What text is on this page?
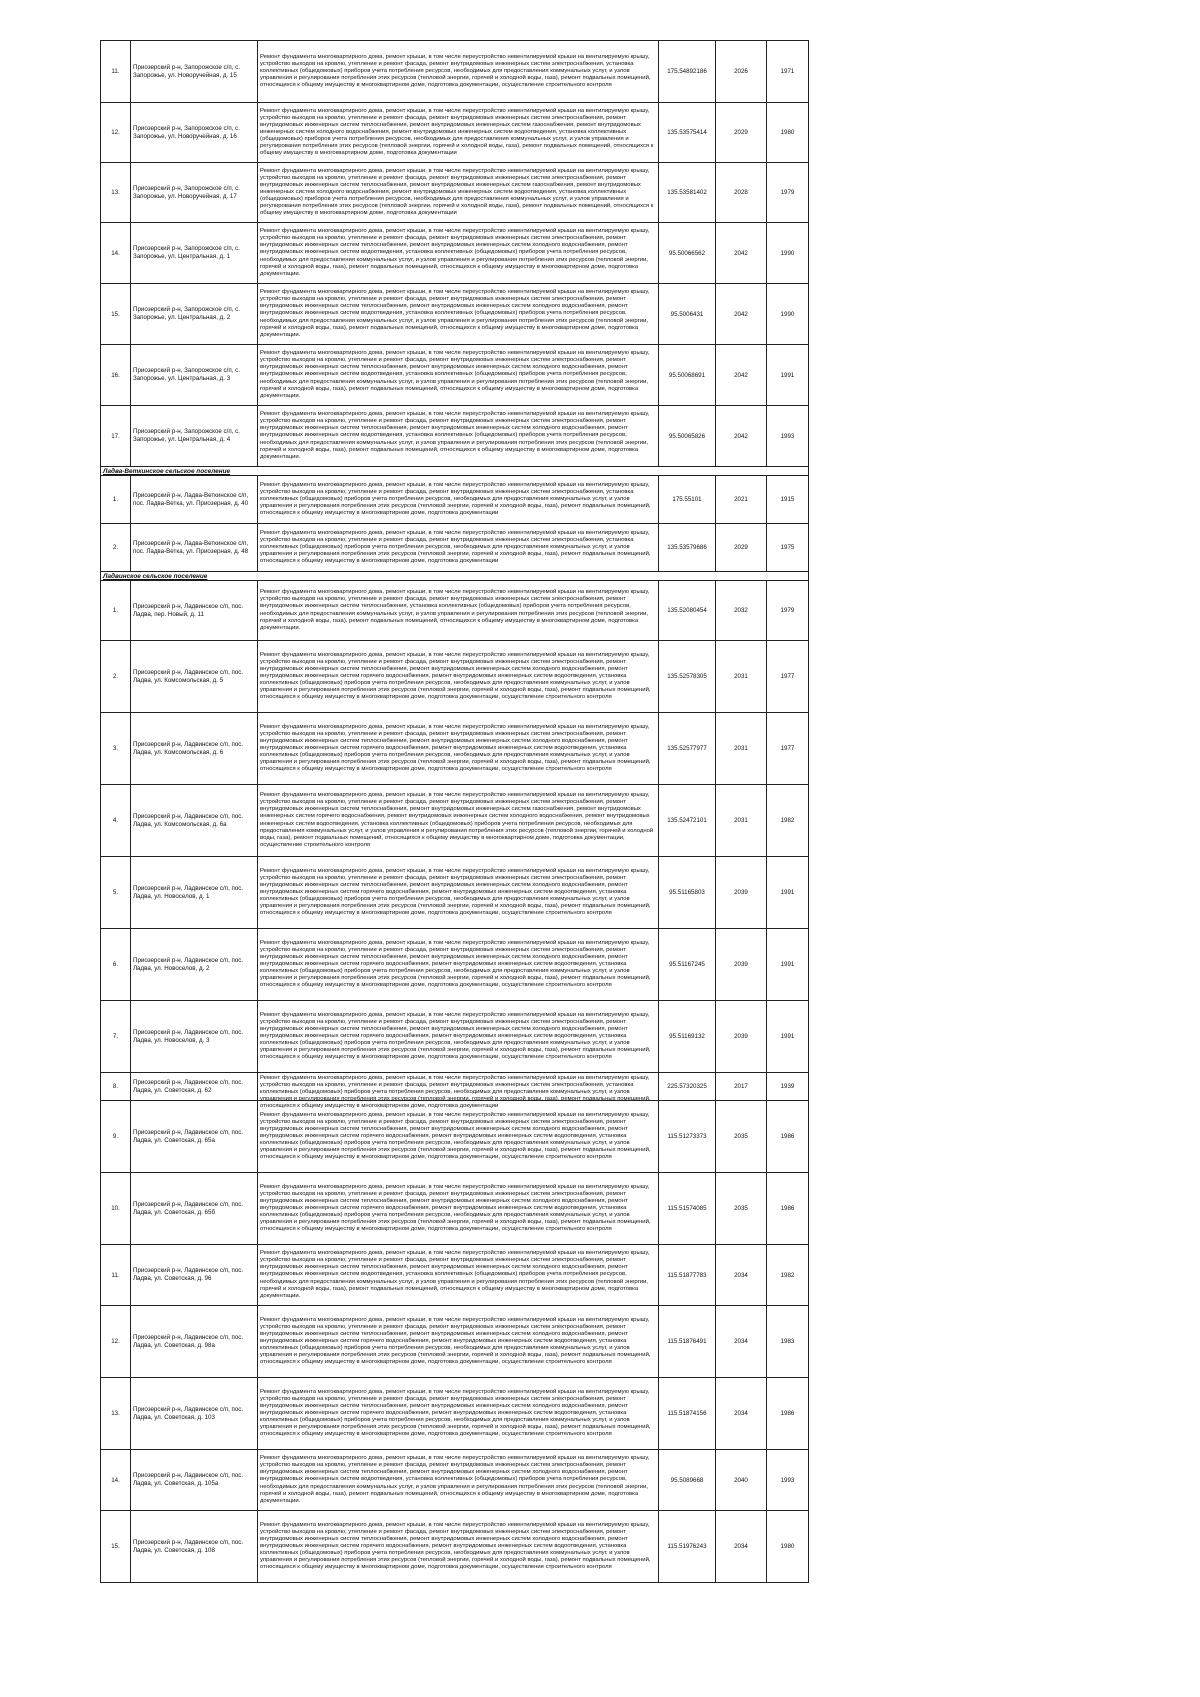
11.	Приозерский р-н, Запорожское с/п, с. Запорожье, ул. Новоручейная, д. 15	Ремонт фундамента многоквартирного дома, ремонт крыши, в том числе переустройство невентилируемой крыши на вентилируемую крышу, устройство выходов на кровлю, утепление и ремонт фасада, ремонт внутридомовых инженерных систем электроснабжения, установка коллективных (общедомовых) приборов учета потребления ресурсов, необходимых для предоставления коммунальных услуг, и узлов управления и регулирования потребления этих ресурсов (тепловой энергии, горячей и холодной воды, газа), ремонт подвальных помещений, относящихся к общему имуществу в многоквартирном доме, подготовка документации, осуществление строительного контроля	175.54892186	2026	1971
12.	Приозерский р-н, Запорожское с/п, с. Запорожье, ул. Новоручейная, д. 16	Ремонт фундамента многоквартирного дома, ремонт крыши, в том числе переустройство невентилируемой крыши на вентилируемую крышу, устройство выходов на кровлю, утепление и ремонт фасада, ремонт внутридомовых инженерных систем электроснабжения, ремонт внутридомовых инженерных систем теплоснабжения, ремонт внутридомовых инженерных систем газоснабжения, ремонт внутридомовых инженерных систем холодного водоснабжения, ремонт внутридомовых инженерных систем водоотведения, установка коллективных (общедомовых) приборов учета потребления ресурсов, необходимых для предоставления коммунальных услуг, и узлов управления и регулирования потребления этих ресурсов (тепловой энергии, горячей и холодной воды, газа), ремонт подвальных помещений, относящихся к общему имуществу в многоквартирном доме, подготовка документации	135.53575414	2029	1980
13.	Приозерский р-н, Запорожское с/п, с. Запорожье, ул. Новоручейная, д. 17	Ремонт фундамента многоквартирного дома, ремонт крыши, в том числе переустройство невентилируемой крыши на вентилируемую крышу, устройство выходов на кровлю, утепление и ремонт фасада, ремонт внутридомовых инженерных систем электроснабжения, ремонт внутридомовых инженерных систем теплоснабжения, ремонт внутридомовых инженерных систем газоснабжения, ремонт внутридомовых инженерных систем холодного водоснабжения, ремонт внутридомовых инженерных систем водоотведения, установка коллективных (общедомовых) приборов учета потребления ресурсов, необходимых для предоставления коммунальных услуг, и узлов управления и регулирования потребления этих ресурсов (тепловой энергии, горячей и холодной воды, газа), ремонт подвальных помещений, относящихся к общему имуществу в многоквартирном доме, подготовка документации	135.53581402	2028	1979
14.	Приозерский р-н, Запорожское с/п, с. Запорожье, ул. Центральная, д. 1	Ремонт фундамента многоквартирного дома, ремонт крыши, в том числе переустройство невентилируемой крыши на вентилируемую крышу, устройство выходов на кровлю, утепление и ремонт фасада, ремонт внутридомовых инженерных систем электроснабжения, ремонт внутридомовых инженерных систем теплоснабжения, ремонт внутридомовых инженерных систем холодного водоснабжения, ремонт внутридомовых инженерных систем водоотведения, установка коллективных (общедомовых) приборов учета потребления ресурсов, необходимых для предоставления коммунальных услуг, и узлов управления и регулирования потребления этих ресурсов (тепловой энергии, горячей и холодной воды, газа), ремонт подвальных помещений, относящихся к общему имуществу в многоквартирном доме, подготовка документации.	95.50066562	2042	1990
15.	Приозерский р-н, Запорожское с/п, с. Запорожье, ул. Центральная, д. 2	Ремонт фундамента многоквартирного дома, ремонт крыши, в том числе переустройство невентилируемой крыши на вентилируемую крышу, устройство выходов на кровлю, утепление и ремонт фасада, ремонт внутридомовых инженерных систем электроснабжения, ремонт внутридомовых инженерных систем теплоснабжения, ремонт внутридомовых инженерных систем холодного водоснабжения, ремонт внутридомовых инженерных систем водоотведения, установка коллективных (общедомовых) приборов учета потребления ресурсов, необходимых для предоставления коммунальных услуг, и узлов управления и регулирования потребления этих ресурсов (тепловой энергии, горячей и холодной воды, газа), ремонт подвальных помещений, относящихся к общему имуществу в многоквартирном доме, подготовка документации.	95.5006431	2042	1990
16.	Приозерский р-н, Запорожское с/п, с. Запорожье, ул. Центральная, д. 3	Ремонт фундамента многоквартирного дома, ремонт крыши, в том числе переустройство невентилируемой крыши на вентилируемую крышу, устройство выходов на кровлю, утепление и ремонт фасада, ремонт внутридомовых инженерных систем электроснабжения, ремонт внутридомовых инженерных систем теплоснабжения, ремонт внутридомовых инженерных систем холодного водоснабжения, ремонт внутридомовых инженерных систем водоотведения, установка коллективных (общедомовых) приборов учета потребления ресурсов, необходимых для предоставления коммунальных услуг, и узлов управления и регулирования потребления этих ресурсов (тепловой энергии, горячей и холодной воды, газа), ремонт подвальных помещений, относящихся к общему имуществу в многоквартирном доме, подготовка документации.	95.50068691	2042	1991
17.	Приозерский р-н, Запорожское с/п, с. Запорожье, ул. Центральная, д. 4	Ремонт фундамента многоквартирного дома, ремонт крыши, в том числе переустройство невентилируемой крыши на вентилируемую крышу, устройство выходов на кровлю, утепление и ремонт фасада, ремонт внутридомовых инженерных систем электроснабжения, ремонт внутридомовых инженерных систем теплоснабжения, ремонт внутридомовых инженерных систем холодного водоснабжения, ремонт внутридомовых инженерных систем водоотведения, установка коллективных (общедомовых) приборов учета потребления ресурсов, необходимых для предоставления коммунальных услуг, и узлов управления и регулирования потребления этих ресурсов (тепловой энергии, горячей и холодной воды, газа), ремонт подвальных помещений, относящихся к общему имуществу в многоквартирном доме, подготовка документации.	95.50065826	2042	1993
Ладва-Веткинское сельское поселение					
1.	Приозерский р-н, Ладва-Веткинское с/п, пос. Ладва-Ветка, ул. Приозерная, д. 40	Ремонт фундамента многоквартирного дома, ремонт крыши, в том числе переустройство невентилируемой крыши на вентилируемую крышу, устройство выходов на кровлю, утепление и ремонт фасада, ремонт внутридомовых инженерных систем электроснабжения, установка коллективных (общедомовых) приборов учета потребления ресурсов, необходимых для предоставления коммунальных услуг, и узлов управления и регулирования потребления этих ресурсов (тепловой энергии, горячей и холодной воды, газа), ремонт подвальных помещений, относящихся к общему имуществу в многоквартирном доме, подготовка документации	175.55101	2021	1915
2.	Приозерский р-н, Ладва-Веткинское с/п, пос. Ладва-Ветка, ул. Приозерная, д. 48	Ремонт фундамента многоквартирного дома, ремонт крыши, в том числе переустройство невентилируемой крыши на вентилируемую крышу, устройство выходов на кровлю, утепление и ремонт фасада, ремонт внутридомовых инженерных систем электроснабжения, установка коллективных (общедомовых) приборов учета потребления ресурсов, необходимых для предоставления коммунальных услуг, и узлов управления и регулирования потребления этих ресурсов (тепловой энергии, горячей и холодной воды, газа), ремонт подвальных помещений, относящихся к общему имуществу в многоквартирном доме, подготовка документации	135.53579686	2029	1975
Ладвинское сельское поселение					
1.	Приозерский р-н, Ладвинское с/п, пос. Ладва, пер. Новый, д. 11	Ремонт фундамента многоквартирного дома, ремонт крыши, в том числе переустройство невентилируемой крыши на вентилируемую крышу, устройство выходов на кровлю, утепление и ремонт фасада, ремонт внутридомовых инженерных систем электроснабжения, ремонт внутридомовых инженерных систем теплоснабжения, установка коллективных (общедомовых) приборов учета потребления ресурсов, необходимых для предоставления коммунальных услуг, и узлов управления и регулирования потребления этих ресурсов (тепловой энергии, горячей и холодной воды, газа), ремонт подвальных помещений, относящихся к общему имуществу в многоквартирном доме, подготовка документации.	135.52080454	2032	1979
2.	Приозерский р-н, Ладвинское с/п, пос. Ладва, ул. Комсомольская, д. 5	Ремонт фундамента многоквартирного дома, ремонт крыши, в том числе переустройство невентилируемой крыши на вентилируемую крышу, устройство выходов на кровлю, утепление и ремонт фасада, ремонт внутридомовых инженерных систем электроснабжения, ремонт внутридомовых инженерных систем теплоснабжения, ремонт внутридомовых инженерных систем холодного водоснабжения, ремонт внутридомовых инженерных систем горячего водоснабжения, ремонт внутридомовых инженерных систем водоотведения, установка коллективных (общедомовых) приборов учета потребления ресурсов, необходимых для предоставления коммунальных услуг, и узлов управления и регулирования потребления этих ресурсов (тепловой энергии, горячей и холодной воды, газа), ремонт подвальных помещений, относящихся к общему имуществу в многоквартирном доме, подготовка документации, осуществление строительного контроля	135.52578305	2031	1977
3.	Приозерский р-н, Ладвинское с/п, пос. Ладва, ул. Комсомольская, д. 6	Ремонт фундамента многоквартирного дома, ремонт крыши, в том числе переустройство невентилируемой крыши на вентилируемую крышу, устройство выходов на кровлю, утепление и ремонт фасада, ремонт внутридомовых инженерных систем электроснабжения, ремонт внутридомовых инженерных систем теплоснабжения, ремонт внутридомовых инженерных систем холодного водоснабжения, ремонт внутридомовых инженерных систем горячего водоснабжения, ремонт внутридомовых инженерных систем водоотведения, установка коллективных (общедомовых) приборов учета потребления ресурсов, необходимых для предоставления коммунальных услуг, и узлов управления и регулирования потребления этих ресурсов (тепловой энергии, горячей и холодной воды, газа), ремонт подвальных помещений, относящихся к общему имуществу в многоквартирном доме, подготовка документации, осуществление строительного контроля	135.52577977	2031	1977
4.	Приозерский р-н, Ладвинское с/п, пос. Ладва, ул. Комсомольская, д. 6а	Ремонт фундамента многоквартирного дома, ремонт крыши, в том числе переустройство невентилируемой крыши на вентилируемую крышу, устройство выходов на кровлю, утепление и ремонт фасада, ремонт внутридомовых инженерных систем электроснабжения, ремонт внутридомовых инженерных систем теплоснабжения, ремонт внутридомовых инженерных систем газоснабжения, ремонт внутридомовых инженерных систем горячего водоснабжения, ремонт внутридомовых инженерных систем холодного водоснабжения, ремонт внутридомовых инженерных систем водоотведения, установка коллективных (общедомовых) приборов учета потребления ресурсов, необходимых для предоставления коммунальных услуг, и узлов управления и регулирования потребления этих ресурсов (тепловой энергии, горячей и холодной воды, газа), ремонт подвальных помещений, относящихся к общему имуществу в многоквартирном доме, подготовка документации, осуществление строительного контроля	135.52472101	2031	1982
5.	Приозерский р-н, Ладвинское с/п, пос. Ладва, ул. Новоселов, д. 1	Ремонт фундамента многоквартирного дома, ремонт крыши, в том числе переустройство невентилируемой крыши на вентилируемую крышу, устройство выходов на кровлю, утепление и ремонт фасада, ремонт внутридомовых инженерных систем электроснабжения, ремонт внутридомовых инженерных систем теплоснабжения, ремонт внутридомовых инженерных систем холодного водоснабжения, ремонт внутридомовых инженерных систем горячего водоснабжения, ремонт внутридомовых инженерных систем водоотведения, установка коллективных (общедомовых) приборов учета потребления ресурсов, необходимых для предоставления коммунальных услуг, и узлов управления и регулирования потребления этих ресурсов (тепловой энергии, горячей и холодной воды, газа), ремонт подвальных помещений, относящихся к общему имуществу в многоквартирном доме, подготовка документации, осуществление строительного контроля	95.51165803	2039	1991
6.	Приозерский р-н, Ладвинское с/п, пос. Ладва, ул. Новоселов, д. 2	Ремонт фундамента многоквартирного дома, ремонт крыши, в том числе переустройство невентилируемой крыши на вентилируемую крышу, устройство выходов на кровлю, утепление и ремонт фасада, ремонт внутридомовых инженерных систем электроснабжения, ремонт внутридомовых инженерных систем теплоснабжения, ремонт внутридомовых инженерных систем холодного водоснабжения, ремонт внутридомовых инженерных систем горячего водоснабжения, ремонт внутридомовых инженерных систем водоотведения, установка коллективных (общедомовых) приборов учета потребления ресурсов, необходимых для предоставления коммунальных услуг, и узлов управления и регулирования потребления этих ресурсов (тепловой энергии, горячей и холодной воды, газа), ремонт подвальных помещений, относящихся к общему имуществу в многоквартирном доме, подготовка документации, осуществление строительного контроля	95.51167245	2039	1991
7.	Приозерский р-н, Ладвинское с/п, пос. Ладва, ул. Новоселов, д. 3	Ремонт фундамента многоквартирного дома, ремонт крыши, в том числе переустройство невентилируемой крыши на вентилируемую крышу, устройство выходов на кровлю, утепление и ремонт фасада, ремонт внутридомовых инженерных систем электроснабжения, ремонт внутридомовых инженерных систем теплоснабжения, ремонт внутридомовых инженерных систем холодного водоснабжения, ремонт внутридомовых инженерных систем горячего водоснабжения, ремонт внутридомовых инженерных систем водоотведения, установка коллективных (общедомовых) приборов учета потребления ресурсов, необходимых для предоставления коммунальных услуг, и узлов управления и регулирования потребления этих ресурсов (тепловой энергии, горячей и холодной воды, газа), ремонт подвальных помещений, относящихся к общему имуществу в многоквартирном доме, подготовка документации, осуществление строительного контроля	95.51169132	2039	1991
8.	Приозерский р-н, Ладвинское с/п, пос. Ладва, ул. Советская, д. 62	Ремонт фундамента многоквартирного дома, ремонт крыши, в том числе переустройство невентилируемой крыши на вентилируемую крышу, устройство выходов на кровлю, утепление и ремонт фасада, ремонт внутридомовых инженерных систем электроснабжения, установка коллективных (общедомовых) приборов учета потребления ресурсов, необходимых для предоставления коммунальных услуг, и узлов управления и регулирования потребления этих ресурсов (тепловой энергии, горячей и холодной воды, газа), ремонт подвальных помещений, относящихся к общему имуществу в многоквартирном доме, подготовка документации	225.57320325	2017	1939
9.	Приозерский р-н, Ладвинское с/п, пос. Ладва, ул. Советская, д. 65а	Ремонт фундамента многоквартирного дома, ремонт крыши, в том числе переустройство невентилируемой крыши на вентилируемую крышу, устройство выходов на кровлю, утепление и ремонт фасада, ремонт внутридомовых инженерных систем электроснабжения, ремонт внутридомовых инженерных систем теплоснабжения, ремонт внутридомовых инженерных систем холодного водоснабжения, ремонт внутридомовых инженерных систем горячего водоснабжения, ремонт внутридомовых инженерных систем водоотведения, установка коллективных (общедомовых) приборов учета потребления ресурсов, необходимых для предоставления коммунальных услуг, и узлов управления и регулирования потребления этих ресурсов (тепловой энергии, горячей и холодной воды, газа), ремонт подвальных помещений, относящихся к общему имуществу в многоквартирном доме, подготовка документации, осуществление строительного контроля	115.51273373	2035	1986
10.	Приозерский р-н, Ладвинское с/п, пос. Ладва, ул. Советская, д. 65б	Ремонт фундамента многоквартирного дома, ремонт крыши, в том числе переустройство невентилируемой крыши на вентилируемую крышу, устройство выходов на кровлю, утепление и ремонт фасада, ремонт внутридомовых инженерных систем электроснабжения, ремонт внутридомовых инженерных систем теплоснабжения, ремонт внутридомовых инженерных систем холодного водоснабжения, ремонт внутридомовых инженерных систем горячего водоснабжения, ремонт внутридомовых инженерных систем водоотведения, установка коллективных (общедомовых) приборов учета потребления ресурсов, необходимых для предоставления коммунальных услуг, и узлов управления и регулирования потребления этих ресурсов (тепловой энергии, горячей и холодной воды, газа), ремонт подвальных помещений, относящихся к общему имуществу в многоквартирном доме, подготовка документации, осуществление строительного контроля	115.51574085	2035	1986
11.	Приозерский р-н, Ладвинское с/п, пос. Ладва, ул. Советская, д. 96	Ремонт фундамента многоквартирного дома, ремонт крыши, в том числе переустройство невентилируемой крыши на вентилируемую крышу, устройство выходов на кровлю, утепление и ремонт фасада, ремонт внутридомовых инженерных систем электроснабжения, ремонт внутридомовых инженерных систем теплоснабжения, ремонт внутридомовых инженерных систем холодного водоснабжения, ремонт внутридомовых инженерных систем водоотведения, установка коллективных (общедомовых) приборов учета потребления ресурсов, необходимых для предоставления коммунальных услуг, и узлов управления и регулирования потребления этих ресурсов (тепловой энергии, горячей и холодной воды, газа), ремонт подвальных помещений, относящихся к общему имуществу в многоквартирном доме, подготовка документации.	115.51877783	2034	1982
12.	Приозерский р-н, Ладвинское с/п, пос. Ладва, ул. Советская, д. 98а	Ремонт фундамента многоквартирного дома, ремонт крыши, в том числе переустройство невентилируемой крыши на вентилируемую крышу, устройство выходов на кровлю, утепление и ремонт фасада, ремонт внутридомовых инженерных систем электроснабжения, ремонт внутридомовых инженерных систем теплоснабжения, ремонт внутридомовых инженерных систем холодного водоснабжения, ремонт внутридомовых инженерных систем горячего водоснабжения, ремонт внутридомовых инженерных систем водоотведения, установка коллективных (общедомовых) приборов учета потребления ресурсов, необходимых для предоставления коммунальных услуг, и узлов управления и регулирования потребления этих ресурсов (тепловой энергии, горячей и холодной воды, газа), ремонт подвальных помещений, относящихся к общему имуществу в многоквартирном доме, подготовка документации, осуществление строительного контроля	115.51876491	2034	1983
13.	Приозерский р-н, Ладвинское с/п, пос. Ладва, ул. Советская, д. 103	Ремонт фундамента многоквартирного дома, ремонт крыши, в том числе переустройство невентилируемой крыши на вентилируемую крышу, устройство выходов на кровлю, утепление и ремонт фасада, ремонт внутридомовых инженерных систем электроснабжения, ремонт внутридомовых инженерных систем теплоснабжения, ремонт внутридомовых инженерных систем холодного водоснабжения, ремонт внутридомовых инженерных систем горячего водоснабжения, ремонт внутридомовых инженерных систем водоотведения, установка коллективных (общедомовых) приборов учета потребления ресурсов, необходимых для предоставления коммунальных услуг, и узлов управления и регулирования потребления этих ресурсов (тепловой энергии, горячей и холодной воды, газа), ремонт подвальных помещений, относящихся к общему имуществу в многоквартирном доме, подготовка документации, осуществление строительного контроля	115.51874156	2034	1986
14.	Приозерский р-н, Ладвинское с/п, пос. Ладва, ул. Советская, д. 105а	Ремонт фундамента многоквартирного дома, ремонт крыши, в том числе переустройство невентилируемой крыши на вентилируемую крышу, устройство выходов на кровлю, утепление и ремонт фасада, ремонт внутридомовых инженерных систем электроснабжения, ремонт внутридомовых инженерных систем теплоснабжения, ремонт внутридомовых инженерных систем холодного водоснабжения, ремонт внутридомовых инженерных систем водоотведения, установка коллективных (общедомовых) приборов учета потребления ресурсов, необходимых для предоставления коммунальных услуг, и узлов управления и регулирования потребления этих ресурсов (тепловой энергии, горячей и холодной воды, газа), ремонт подвальных помещений, относящихся к общему имуществу в многоквартирном доме, подготовка документации.	95.5089668	2040	1993
15.	Приозерский р-н, Ладвинское с/п, пос. Ладва, ул. Советская, д. 108	Ремонт фундамента многоквартирного дома, ремонт крыши, в том числе переустройство невентилируемой крыши на вентилируемую крышу, устройство выходов на кровлю, утепление и ремонт фасада, ремонт внутридомовых инженерных систем электроснабжения, ремонт внутридомовых инженерных систем теплоснабжения, ремонт внутридомовых инженерных систем холодного водоснабжения, ремонт внутридомовых инженерных систем горячего водоснабжения, ремонт внутридомовых инженерных систем водоотведения, установка коллективных (общедомовых) приборов учета потребления ресурсов, необходимых для предоставления коммунальных услуг, и узлов управления и регулирования потребления этих ресурсов (тепловой энергии, горячей и холодной воды, газа), ремонт подвальных помещений, относящихся к общему имуществу в многоквартирном доме, подготовка документации, осуществление строительного контроля	115.51976243	2034	1980
